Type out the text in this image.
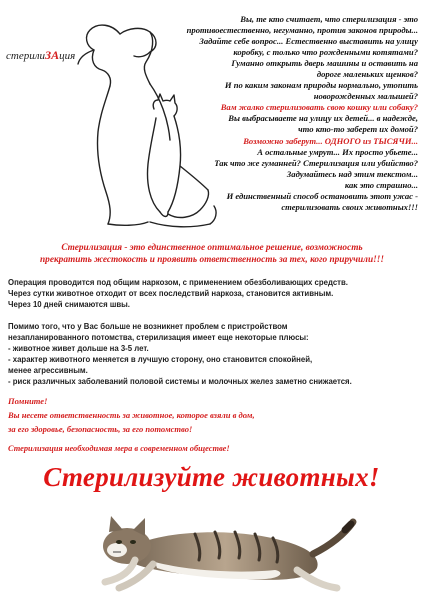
стерилиЗАция

Вы, те кто считает, что стерилизация - это

противоестественно, негуманно, против законов природы...

Задайте себе вопрос... Естественно выставить на улицу

коробку, с только что рожденными котятами?

Гуманно открыть дверь машины и оставить на

дороге маленьких щенков?

И по каким законам природы нормально, утопить

новорожденных малышей?

Вам жалко стерилизовать свою кошку или собаку?

Вы выбрасываете на улицу их детей... в надежде,

что кто-то заберет их домой?

Возможно заберут... ОДНОГО из ТЫСЯЧИ...

А остальные умрут... Их просто убьете...

Так что же гуманней? Стерилизация или убийство?

Задумайтесь над этим текстом...

как это страшно...

И единственный способ остановить этот ужас -

стерилизовать своих животных!!!

Стерилизация - это единственное оптимальное решение, возможность
прекратить жестокость и проявить ответственность за тех, кого приручили!!!

Операция проводится под общим наркозом, с применением обезболивающих средств.

Через сутки животное отходит от всех последствий наркоза, становится активным.

Через 10 дней снимаются швы.

Помимо того, что у Вас больше не возникнет проблем с пристройством

незапланированного потомства, стерилизация имеет еще некоторые плюсы:

- животное живет дольше на 3-5 лет.

- характер животного меняется в лучшую сторону, оно становится спокойней,

менее агрессивным.

- риск различных заболеваний половой системы и молочных желез заметно снижается.

Помните!

Вы несете ответственность за животное, которое взяли в дом,

за его здоровье, безопасность, за его потомство!

Стерилизация необходимая мера в современном обществе!

Стерилизуйте животных!
